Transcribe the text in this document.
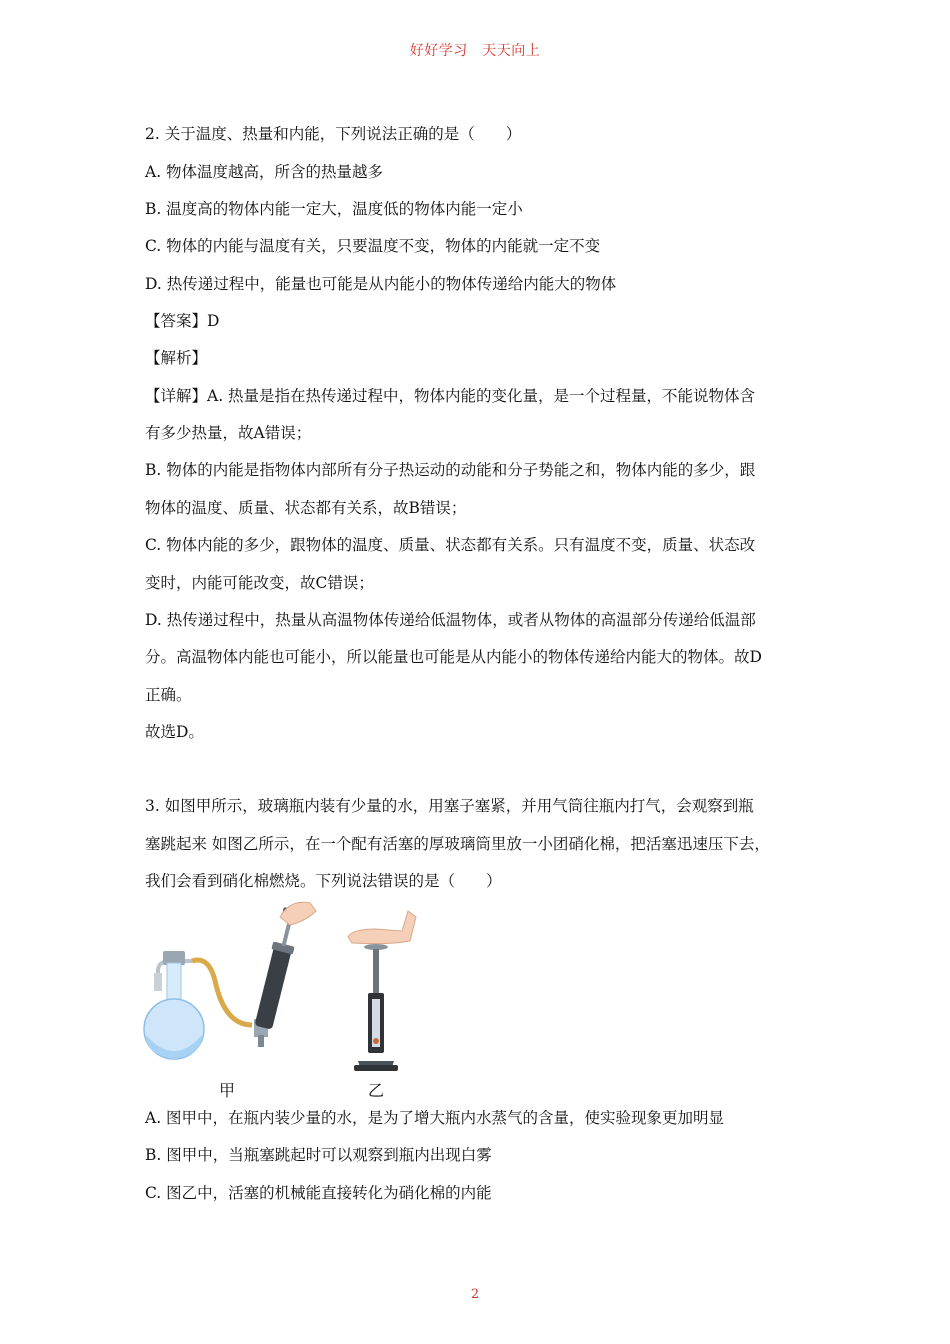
好好学习　天天向上
2. 关于温度、热量和内能，下列说法正确的是（　　）
A. 物体温度越高，所含的热量越多
B. 温度高的物体内能一定大，温度低的物体内能一定小
C. 物体的内能与温度有关，只要温度不变，物体的内能就一定不变
D. 热传递过程中，能量也可能是从内能小的物体传递给内能大的物体
【答案】D
【解析】
【详解】A. 热量是指在热传递过程中，物体内能的变化量，是一个过程量，不能说物体含
有多少热量，故A错误；
B. 物体的内能是指物体内部所有分子热运动的动能和分子势能之和，物体内能的多少，跟
物体的温度、质量、状态都有关系，故B错误；
C. 物体内能的多少，跟物体的温度、质量、状态都有关系。只有温度不变，质量、状态改
变时，内能可能改变，故C错误；
D. 热传递过程中，热量从高温物体传递给低温物体，或者从物体的高温部分传递给低温部
分。高温物体内能也可能小，所以能量也可能是从内能小的物体传递给内能大的物体。故D
正确。
故选D。
3. 如图甲所示，玻璃瓶内装有少量的水，用塞子塞紧，并用气筒往瓶内打气，会观察到瓶
塞跳起来 如图乙所示，在一个配有活塞的厚玻璃筒里放一小团硝化棉，把活塞迅速压下去，
我们会看到硝化棉燃烧。下列说法错误的是（　　）
甲	乙
A. 图甲中，在瓶内装少量的水，是为了增大瓶内水蒸气的含量，使实验现象更加明显
B. 图甲中，当瓶塞跳起时可以观察到瓶内出现白雾
C. 图乙中，活塞的机械能直接转化为硝化棉的内能
2
